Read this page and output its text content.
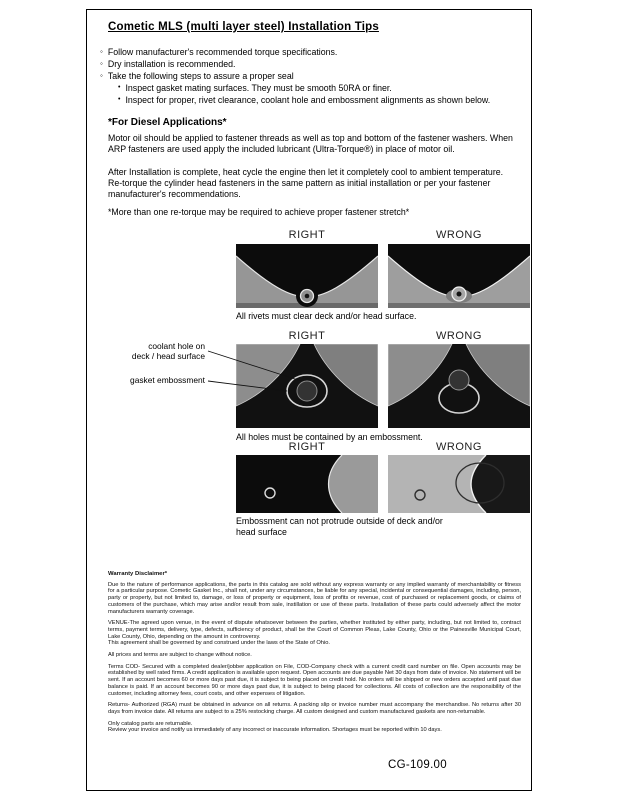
Cometic MLS (multi layer steel) Installation Tips
◦ Follow manufacturer's recommended torque specifications.
◦ Dry installation is recommended.
◦ Take the following steps to assure a proper seal
• Inspect gasket mating surfaces. They must be smooth 50RA or finer.
• Inspect for proper, rivet clearance, coolant hole and embossment alignments as shown below.
*For Diesel Applications*
Motor oil should be applied to fastener threads as well as top and bottom of the fastener washers. When ARP fasteners are used apply the included lubricant (Ultra-Torque®) in place of motor oil.
After Installation is complete, heat cycle the engine then let it completely cool to ambient temperature. Re-torque the cylinder head fasteners in the same pattern as initial installation or per your fastener manufacturer's recommendations.
*More than one re-torque may be required to achieve proper fastener stretch*
RIGHT	WRONG
All rivets must clear deck and/or head surface.
RIGHT	WRONG
coolant hole on
deck / head surface
gasket embossment
All holes must be contained by an embossment.
RIGHT	WRONG
Embossment can not protrude outside of deck and/or head surface
Warranty Disclaimer*

Due to the nature of performance applications, the parts in this catalog are sold without any express warranty or any implied warranty of merchantability or fitness for a particular purpose. Cometic Gasket Inc., shall not, under any circumstances, be liable for any special, incidental or consequential damages, including, person, party or property, but not limited to, damage, or loss of property or equipment, loss of profits or revenue, cost of purchased or replacement goods, or claims of customers of the purchase, which may arise and/or result from sale, instillation or use of these parts. Installation of these parts could adversely affect the motor manufacturers warranty coverage.

VENUE-The agreed upon venue, in the event of dispute whatsoever between the parties, whether instituted by either party, including, but not limited to, contract terms, payment terms, delivery, type, defects, sufficiency of product, shall be the Court of Common Pleas, Lake County, Ohio or the Painesville Municipal Court, Lake County, Ohio, depending on the amount in controversy.

This agreement shall be governed by and construed under the laws of the State of Ohio.

All prices and terms are subject to change without notice.

Terms COD- Secured with a completed dealer/jobber application on File, COD-Company check with a current credit card number on file. Open accounts may be established by well rated firms. A credit application is available upon request. Open accounts are due payable Net 30 days from date of invoice. No statement will be sent. If an account becomes 60 or more days past due, it is subject to being placed on credit hold. No orders will be shipped or new orders accepted until past due balance is paid. If an account becomes 90 or more days past due, it is subject to being placed for collections. All costs of collection are the responsibility of the customer, including attorney fees, court costs, and other expenses of litigation.

Returns- Authorized (RGA) must be obtained in advance on all returns. A packing slip or invoice number must accompany the merchandise. No returns after 30 days from invoice date. All returns are subject to a 25% restocking charge. All custom designed and custom manufactured gaskets are non-returnable.

Only catalog parts are returnable.

Review your invoice and notify us immediately of any incorrect or inaccurate information. Shortages must be reported within 10 days.

CG-109.00
